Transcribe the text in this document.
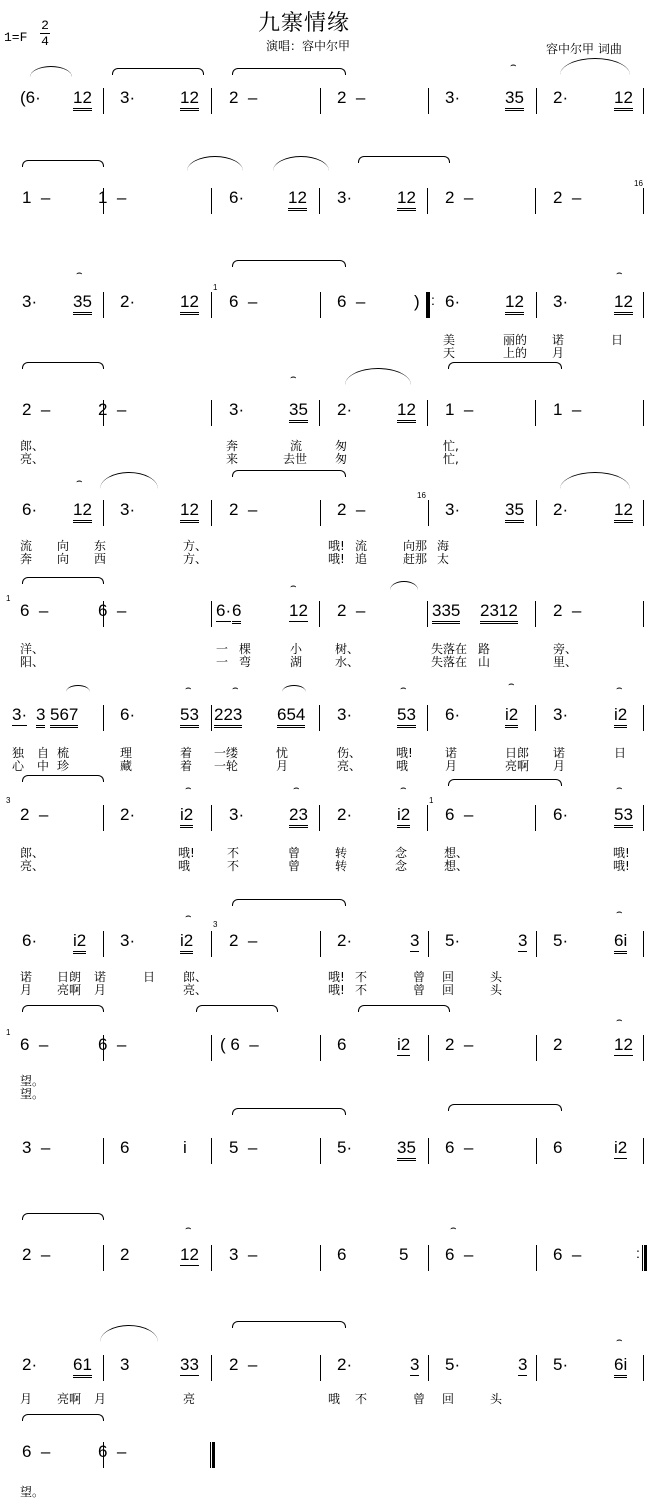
九寨情缘
演唱：容中尔甲	容中尔甲 词曲
1=F
2
4
⌢
(6· 12 3·	12 2  –	2  –	3·	35 2·	12
1  –	1  –	6·	12 3·	12 2  –	2  –
16
⌢	⌢
3· 35 2·	12
1
6  –	6  –	) : 6·	12 3·	12
美	丽的 诺	日
天	上的 月
⌢
2  –	2  –	3·	35 2·	12 1  –	1  –
郎、	奔	流	匆	忙,
亮、	来	去世 匆	忙,
⌢
6· 12 3·	12 2  –	2  –
16
3·	35 2·	12
流 向 东	方、	哦! 流	向那 海
奔 向 西	方、	哦! 追	赶那 太
⌢
1
6  –	6  –	6· 6	12 2  –	335 2312 2  –
洋、	一 棵	小	树、	失落在 路	旁、
阳、	一 弯	湖	水、	失落在 山	里、
⌢	⌢	⌢	⌢	⌢
3· 3 567 6·	53 223 654 3·	53 6·	i2 3·	i2
独 自 梳	理	着 一缕	忧	伤、	哦!	诺	日郎 诺	日
心 中 珍	藏	着 一轮	月	亮、	哦	月	亮啊 月
⌢	⌢	⌢	⌢
3
2  –	2·	i2 3·	23 2·	i2
1
6  –	6·	53
郎、	哦!	不	曾	转	念	想、	哦!
亮、	哦	不	曾	转	念	想、	哦!
⌢	⌢
6· i2 3·	i2
3
2  –	2·	3 5·	3 5·	6i
诺 日朗 诺	日 郎、	哦! 不	曾 回	头
月 亮啊 月	亮、	哦! 不	曾 回	头
⌢
1
6  –	6  –	( 6  –	6	i2 2  –	2	12
望。
望。
3  –	6	i 5  –	5·	35 6  –	6	i2
⌢	⌢
2  –	2	12 3  –	6	5 6  –	6  –	:
⌢
2· 61 3	33 2  –	2·	3 5·	3 5·	6i
月 亮啊 月	亮	哦 不	曾 回	头
6  –	6  –
望。
